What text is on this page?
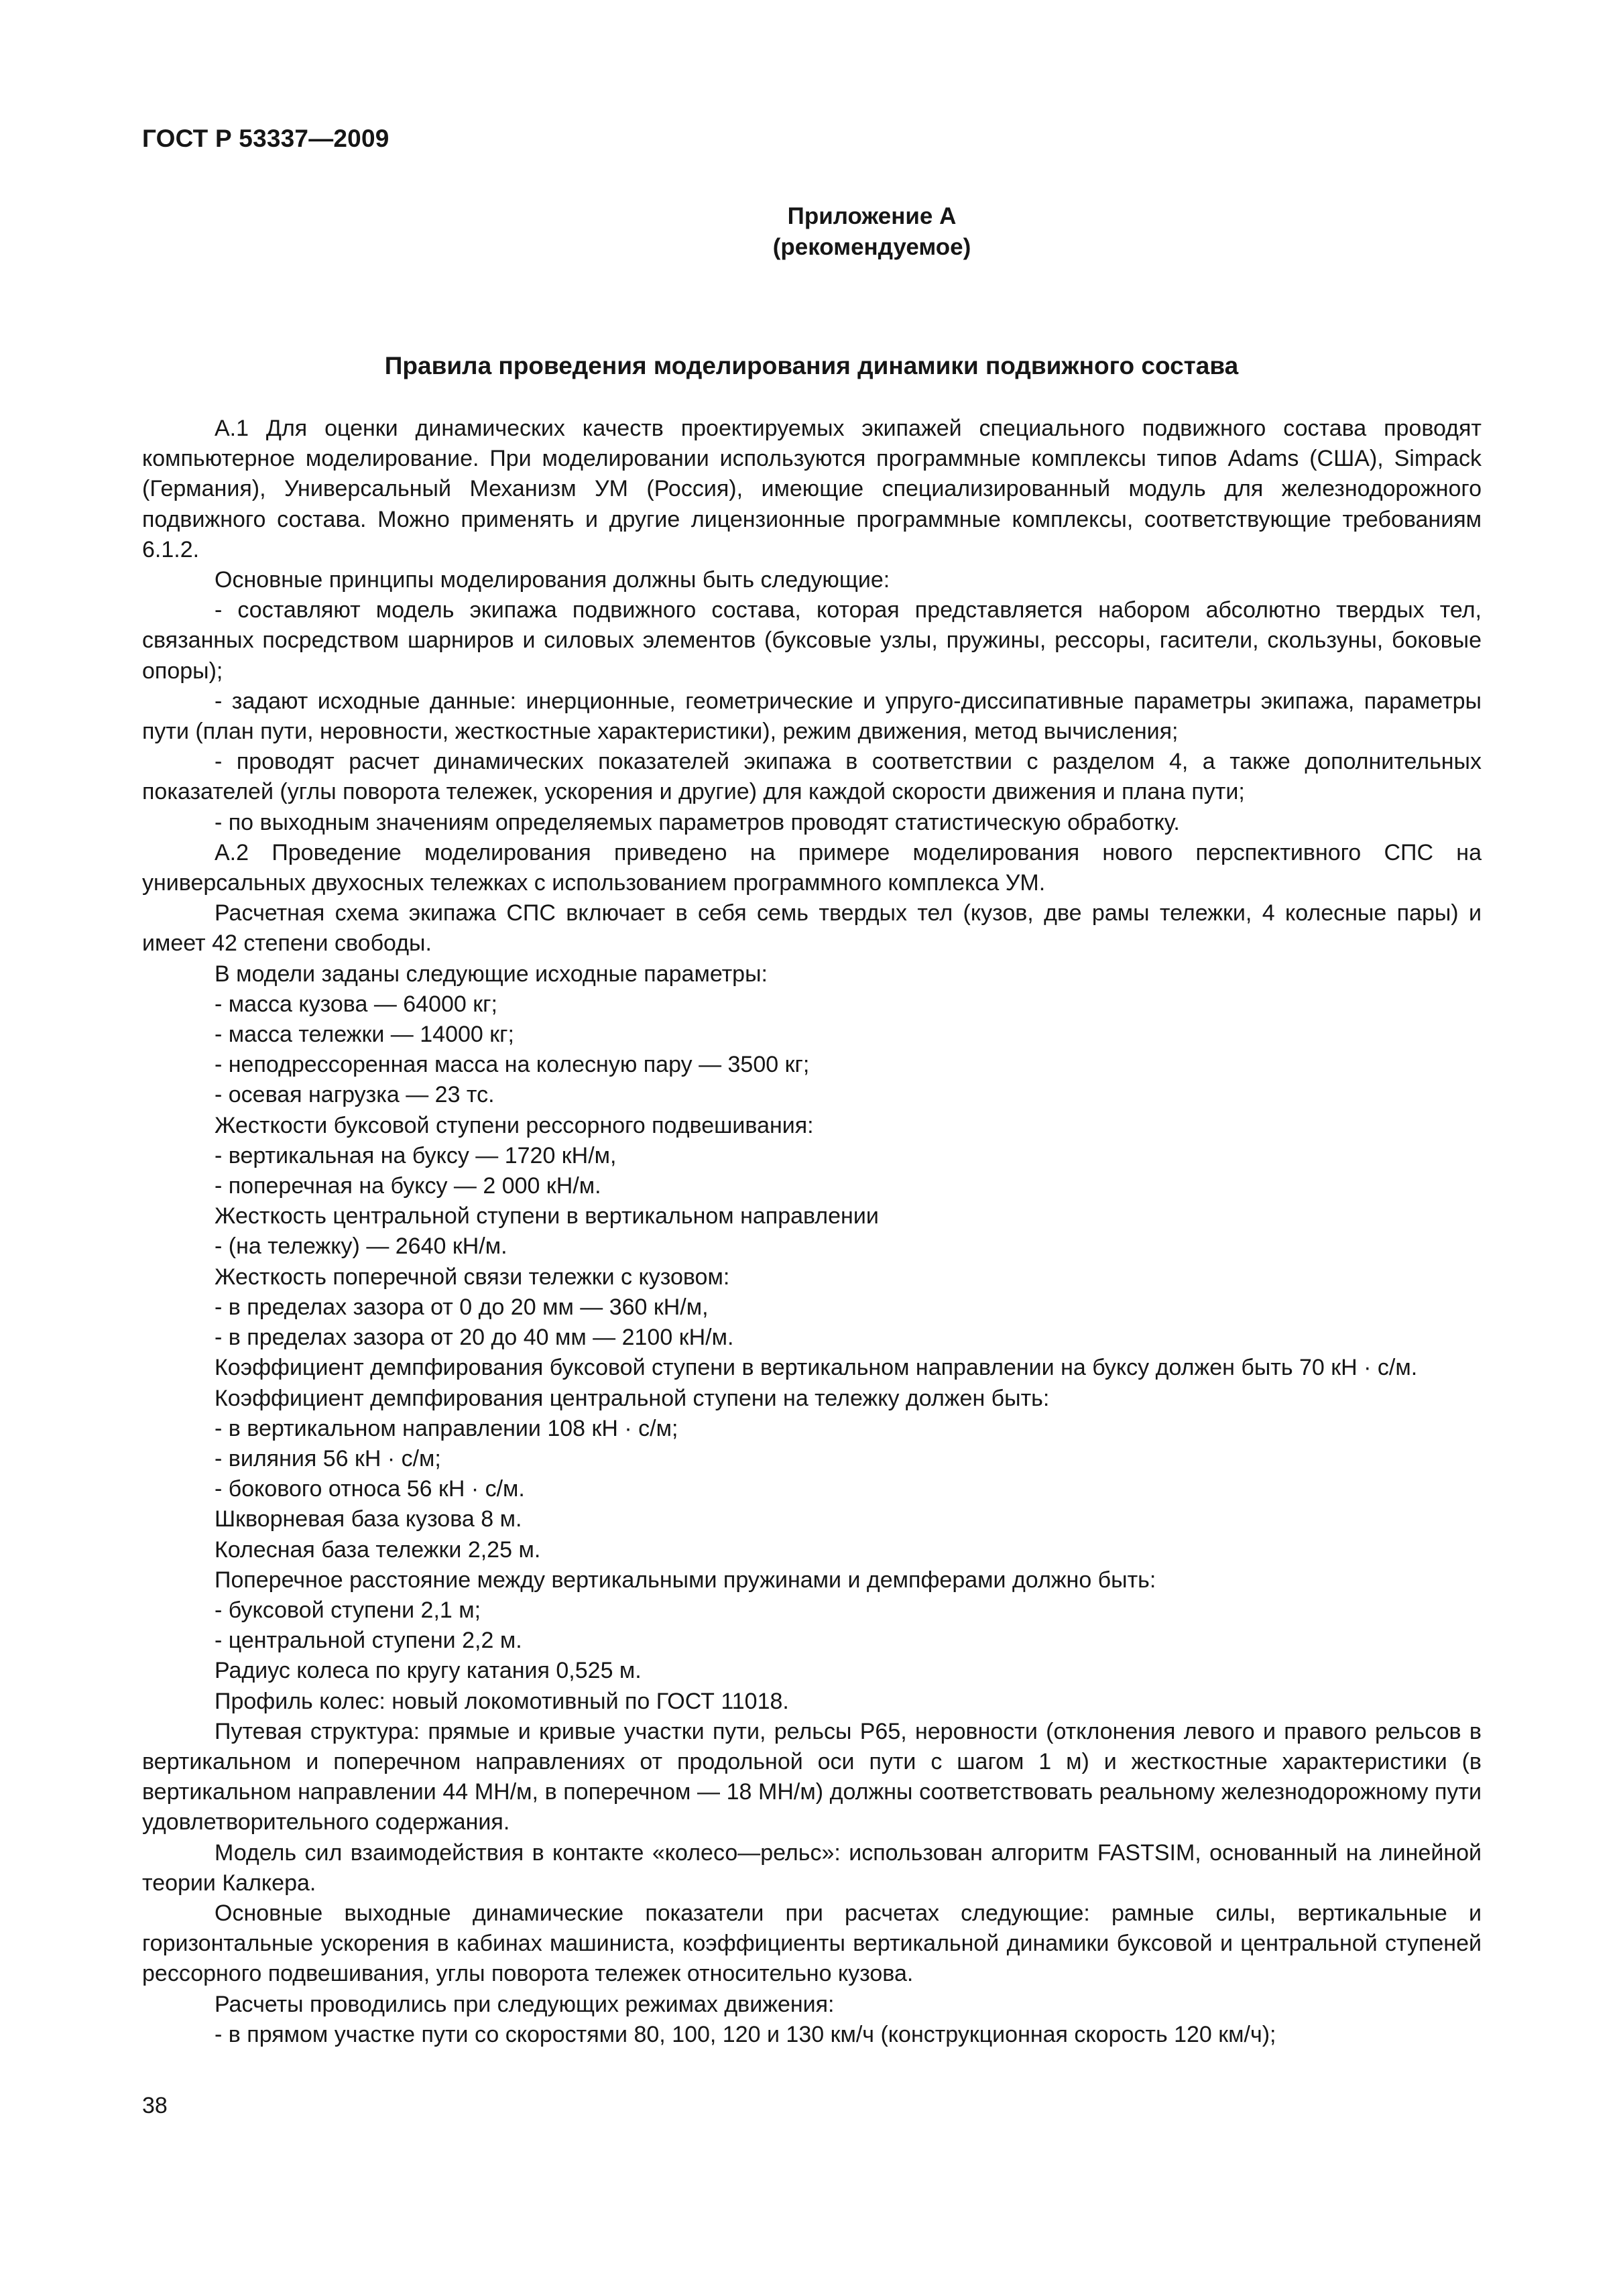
ГОСТ Р 53337—2009
Приложение А
(рекомендуемое)
Правила проведения моделирования динамики подвижного состава

А.1 Для оценки динамических качеств проектируемых экипажей специального подвижного состава проводят компьютерное моделирование. При моделировании используются программные комплексы типов Adams (США), Simpack (Германия), Универсальный Механизм УМ (Россия), имеющие специализированный модуль для железнодорожного подвижного состава. Можно применять и другие лицензионные программные комплексы, соответствующие требованиям 6.1.2.

Основные принципы моделирования должны быть следующие:

- составляют модель экипажа подвижного состава, которая представляется набором абсолютно твердых тел, связанных посредством шарниров и силовых элементов (буксовые узлы, пружины, рессоры, гасители, скользуны, боковые опоры);

- задают исходные данные: инерционные, геометрические и упруго-диссипативные параметры экипажа, параметры пути (план пути, неровности, жесткостные характеристики), режим движения, метод вычисления;

- проводят расчет динамических показателей экипажа в соответствии с разделом 4, а также дополнительных показателей (углы поворота тележек, ускорения и другие) для каждой скорости движения и плана пути;

- по выходным значениям определяемых параметров проводят статистическую обработку.

А.2 Проведение моделирования приведено на примере моделирования нового перспективного СПС на универсальных двухосных тележках с использованием программного комплекса УМ.

Расчетная схема экипажа СПС включает в себя семь твердых тел (кузов, две рамы тележки, 4 колесные пары) и имеет 42 степени свободы.

В модели заданы следующие исходные параметры:

- масса кузова — 64000 кг;

- масса тележки — 14000 кг;

- неподрессоренная масса на колесную пару — 3500 кг;

- осевая нагрузка — 23 тс.

Жесткости буксовой ступени рессорного подвешивания:

- вертикальная на буксу — 1720 кН/м,

- поперечная на буксу — 2 000 кН/м.

Жесткость центральной ступени в вертикальном направлении

- (на тележку) — 2640 кН/м.

Жесткость поперечной связи тележки с кузовом:

- в пределах зазора от 0 до 20 мм — 360 кН/м,

- в пределах зазора от 20 до 40 мм — 2100 кН/м.

Коэффициент демпфирования буксовой ступени в вертикальном направлении на буксу должен быть 70 кН · с/м.

Коэффициент демпфирования центральной ступени на тележку должен быть:

- в вертикальном направлении 108 кН · с/м;

- виляния 56 кН · с/м;

- бокового относа 56 кН · с/м.

Шкворневая база кузова 8 м.

Колесная база тележки 2,25 м.

Поперечное расстояние между вертикальными пружинами и демпферами должно быть:

- буксовой ступени 2,1 м;

- центральной ступени 2,2 м.

Радиус колеса по кругу катания 0,525 м.

Профиль колес: новый локомотивный по ГОСТ 11018.

Путевая структура: прямые и кривые участки пути, рельсы Р65, неровности (отклонения левого и правого рельсов в вертикальном и поперечном направлениях от продольной оси пути с шагом 1 м) и жесткостные характеристики (в вертикальном направлении 44 МН/м, в поперечном — 18 МН/м) должны соответствовать реальному железнодорожному пути удовлетворительного содержания.

Модель сил взаимодействия в контакте «колесо—рельс»: использован алгоритм FASTSIM, основанный на линейной теории Калкера.

Основные выходные динамические показатели при расчетах следующие: рамные силы, вертикальные и горизонтальные ускорения в кабинах машиниста, коэффициенты вертикальной динамики буксовой и центральной ступеней рессорного подвешивания, углы поворота тележек относительно кузова.

Расчеты проводились при следующих режимах движения:

- в прямом участке пути со скоростями 80, 100, 120 и 130 км/ч (конструкционная скорость 120 км/ч);

38
